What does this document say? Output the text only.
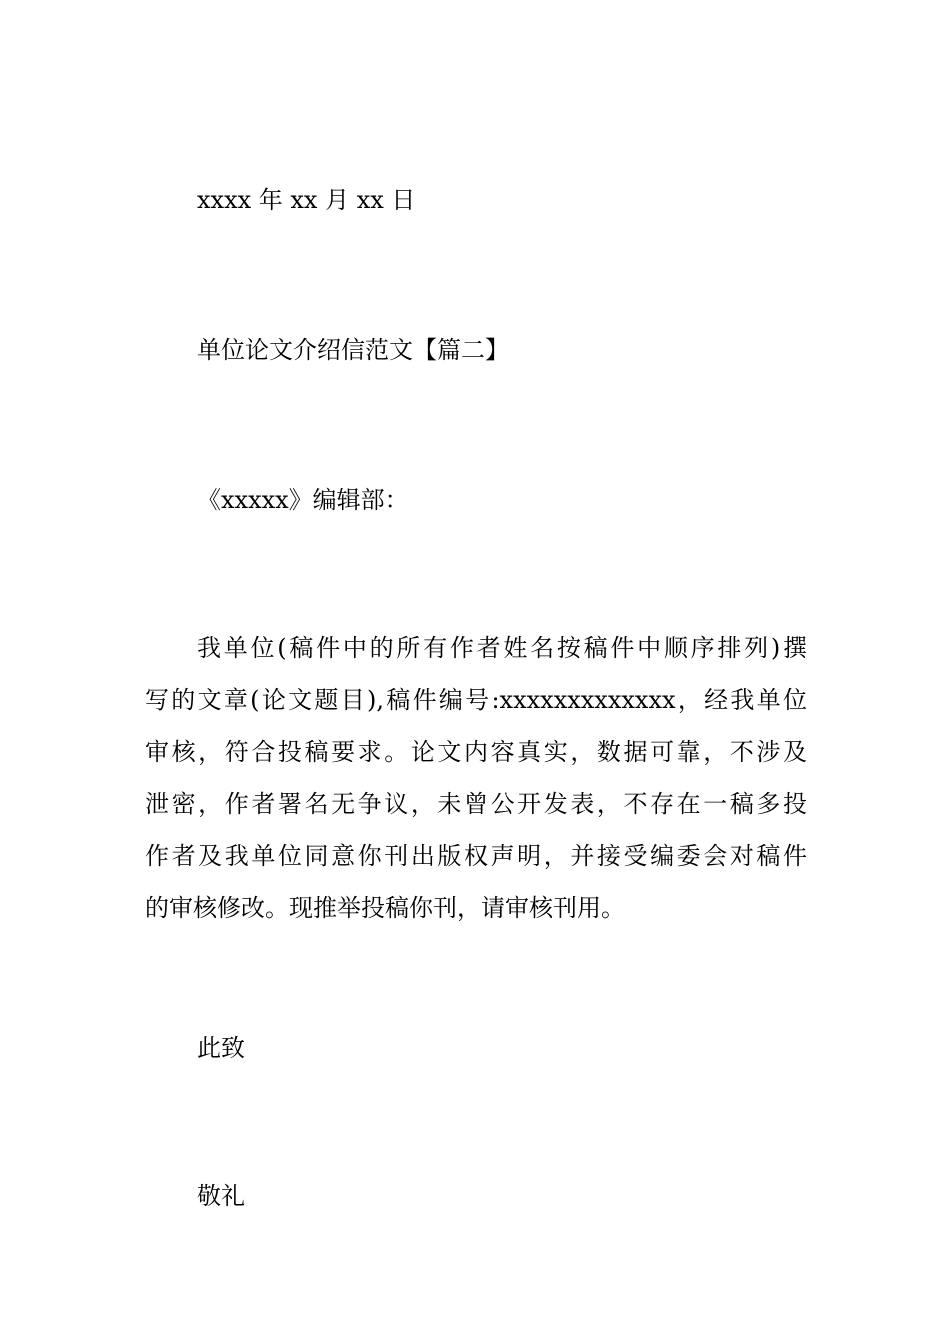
xxxx 年 xx 月 xx 日
单位论文介绍信范文【篇二】
《xxxxx》编辑部：
我单位(稿件中的所有作者姓名按稿件中顺序排列)撰
写的文章(论文题目),稿件编号:xxxxxxxxxxxxx，经我单位
审核，符合投稿要求。论文内容真实，数据可靠，不涉及
泄密，作者署名无争议，未曾公开发表，不存在一稿多投
作者及我单位同意你刊出版权声明，并接受编委会对稿件
的审核修改。现推举投稿你刊，请审核刊用。
此致
敬礼
